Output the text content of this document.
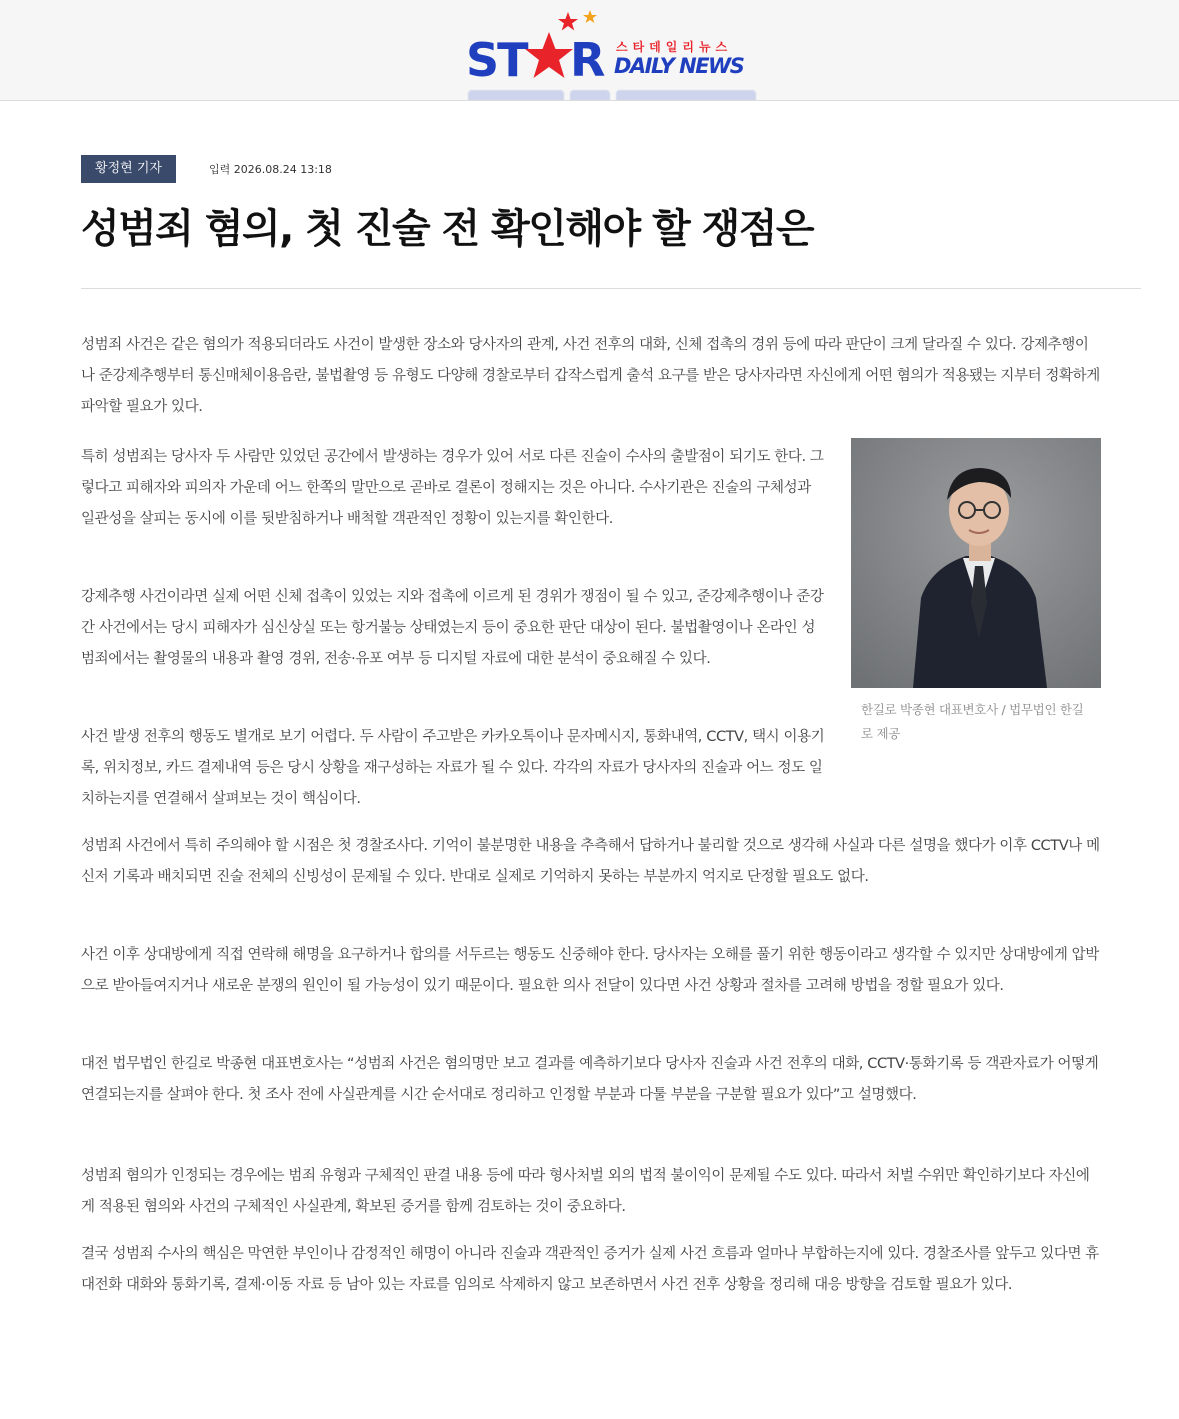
ST R 스타데일리뉴스
DAILY NEWS
황정현 기자	입력 2026.08.24 13:18
성범죄 혐의, 첫 진술 전 확인해야 할 쟁점은

성범죄 사건은 같은 혐의가 적용되더라도 사건이 발생한 장소와 당사자의 관계, 사건 전후의 대화, 신체 접촉의 경위 등에 따라 판단이 크게 달라질 수 있다. 강제추행이나 준강제추행부터 통신매체이용음란, 불법촬영 등 유형도 다양해 경찰로부터 갑작스럽게 출석 요구를 받은 당사자라면 자신에게 어떤 혐의가 적용됐는 지부터 정확하게 파악할 필요가 있다.

특히 성범죄는 당사자 두 사람만 있었던 공간에서 발생하는 경우가 있어 서로 다른 진술이 수사의 출발점이 되기도 한다. 그렇다고 피해자와 피의자 가운데 어느 한쪽의 말만으로 곧바로 결론이 정해지는 것은 아니다. 수사기관은 진술의 구체성과 일관성을 살피는 동시에 이를 뒷받침하거나 배척할 객관적인 정황이 있는지를 확인한다.

한길로 박종현 대표변호사 / 법무법인 한길로 제공

강제추행 사건이라면 실제 어떤 신체 접촉이 있었는 지와 접촉에 이르게 된 경위가 쟁점이 될 수 있고, 준강제추행이나 준강간 사건에서는 당시 피해자가 심신상실 또는 항거불능 상태였는지 등이 중요한 판단 대상이 된다. 불법촬영이나 온라인 성범죄에서는 촬영물의 내용과 촬영 경위, 전송·유포 여부 등 디지털 자료에 대한 분석이 중요해질 수 있다.

사건 발생 전후의 행동도 별개로 보기 어렵다. 두 사람이 주고받은 카카오톡이나 문자메시지, 통화내역, CCTV, 택시 이용기록, 위치정보, 카드 결제내역 등은 당시 상황을 재구성하는 자료가 될 수 있다. 각각의 자료가 당사자의 진술과 어느 정도 일치하는지를 연결해서 살펴보는 것이 핵심이다.

성범죄 사건에서 특히 주의해야 할 시점은 첫 경찰조사다. 기억이 불분명한 내용을 추측해서 답하거나 불리할 것으로 생각해 사실과 다른 설명을 했다가 이후 CCTV나 메신저 기록과 배치되면 진술 전체의 신빙성이 문제될 수 있다. 반대로 실제로 기억하지 못하는 부분까지 억지로 단정할 필요도 없다.

사건 이후 상대방에게 직접 연락해 해명을 요구하거나 합의를 서두르는 행동도 신중해야 한다. 당사자는 오해를 풀기 위한 행동이라고 생각할 수 있지만 상대방에게 압박으로 받아들여지거나 새로운 분쟁의 원인이 될 가능성이 있기 때문이다. 필요한 의사 전달이 있다면 사건 상황과 절차를 고려해 방법을 정할 필요가 있다.

대전 법무법인 한길로 박종현 대표변호사는 “성범죄 사건은 혐의명만 보고 결과를 예측하기보다 당사자 진술과 사건 전후의 대화, CCTV·통화기록 등 객관자료가 어떻게 연결되는지를 살펴야 한다. 첫 조사 전에 사실관계를 시간 순서대로 정리하고 인정할 부분과 다툴 부분을 구분할 필요가 있다”고 설명했다.

성범죄 혐의가 인정되는 경우에는 범죄 유형과 구체적인 판결 내용 등에 따라 형사처벌 외의 법적 불이익이 문제될 수도 있다. 따라서 처벌 수위만 확인하기보다 자신에게 적용된 혐의와 사건의 구체적인 사실관계, 확보된 증거를 함께 검토하는 것이 중요하다.

결국 성범죄 수사의 핵심은 막연한 부인이나 감정적인 해명이 아니라 진술과 객관적인 증거가 실제 사건 흐름과 얼마나 부합하는지에 있다. 경찰조사를 앞두고 있다면 휴대전화 대화와 통화기록, 결제·이동 자료 등 남아 있는 자료를 임의로 삭제하지 않고 보존하면서 사건 전후 상황을 정리해 대응 방향을 검토할 필요가 있다.
